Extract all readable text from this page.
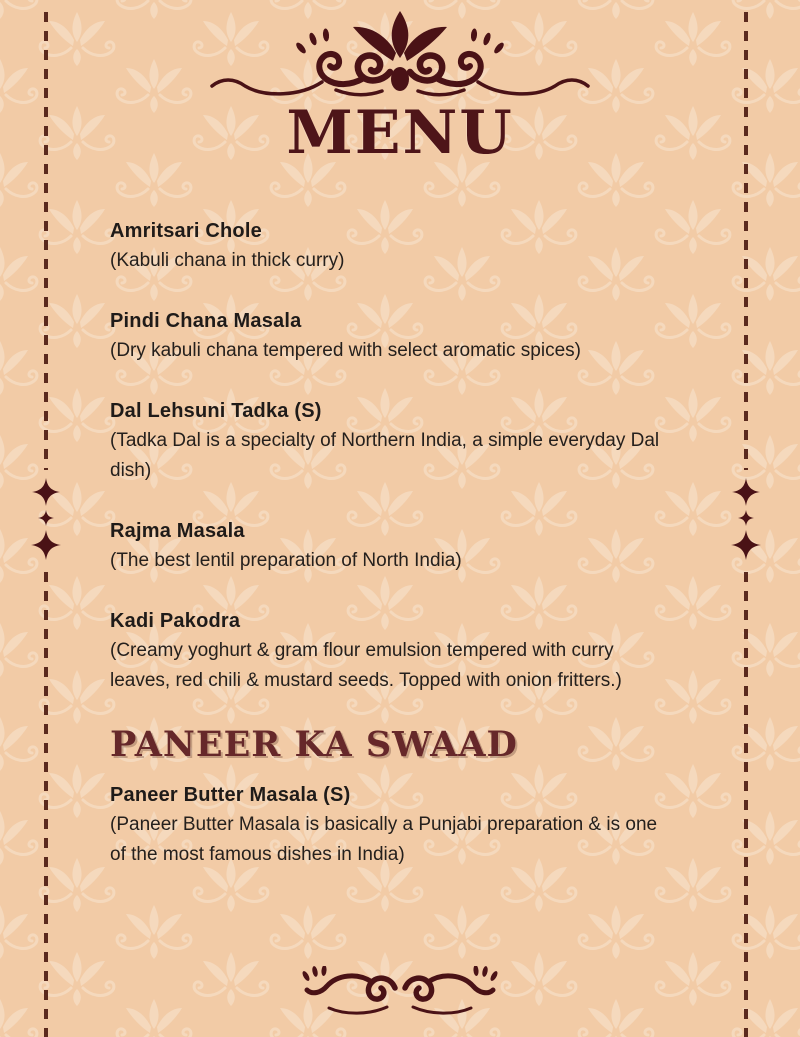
MENU
Amritsari Chole

(Kabuli chana in thick curry)

Pindi Chana Masala

(Dry kabuli chana tempered with select aromatic spices)

Dal Lehsuni Tadka (S)

(Tadka Dal is a specialty of Northern India, a simple everyday Dal dish)

Rajma Masala

(The best lentil preparation of North India)

Kadi Pakodra

(Creamy yoghurt & gram flour emulsion tempered with curry leaves, red chili & mustard seeds. Topped with onion fritters.)

PANEER KA SWAAD
Paneer Butter Masala (S)

(Paneer Butter Masala is basically a Punjabi preparation & is one of the most famous dishes in India)
